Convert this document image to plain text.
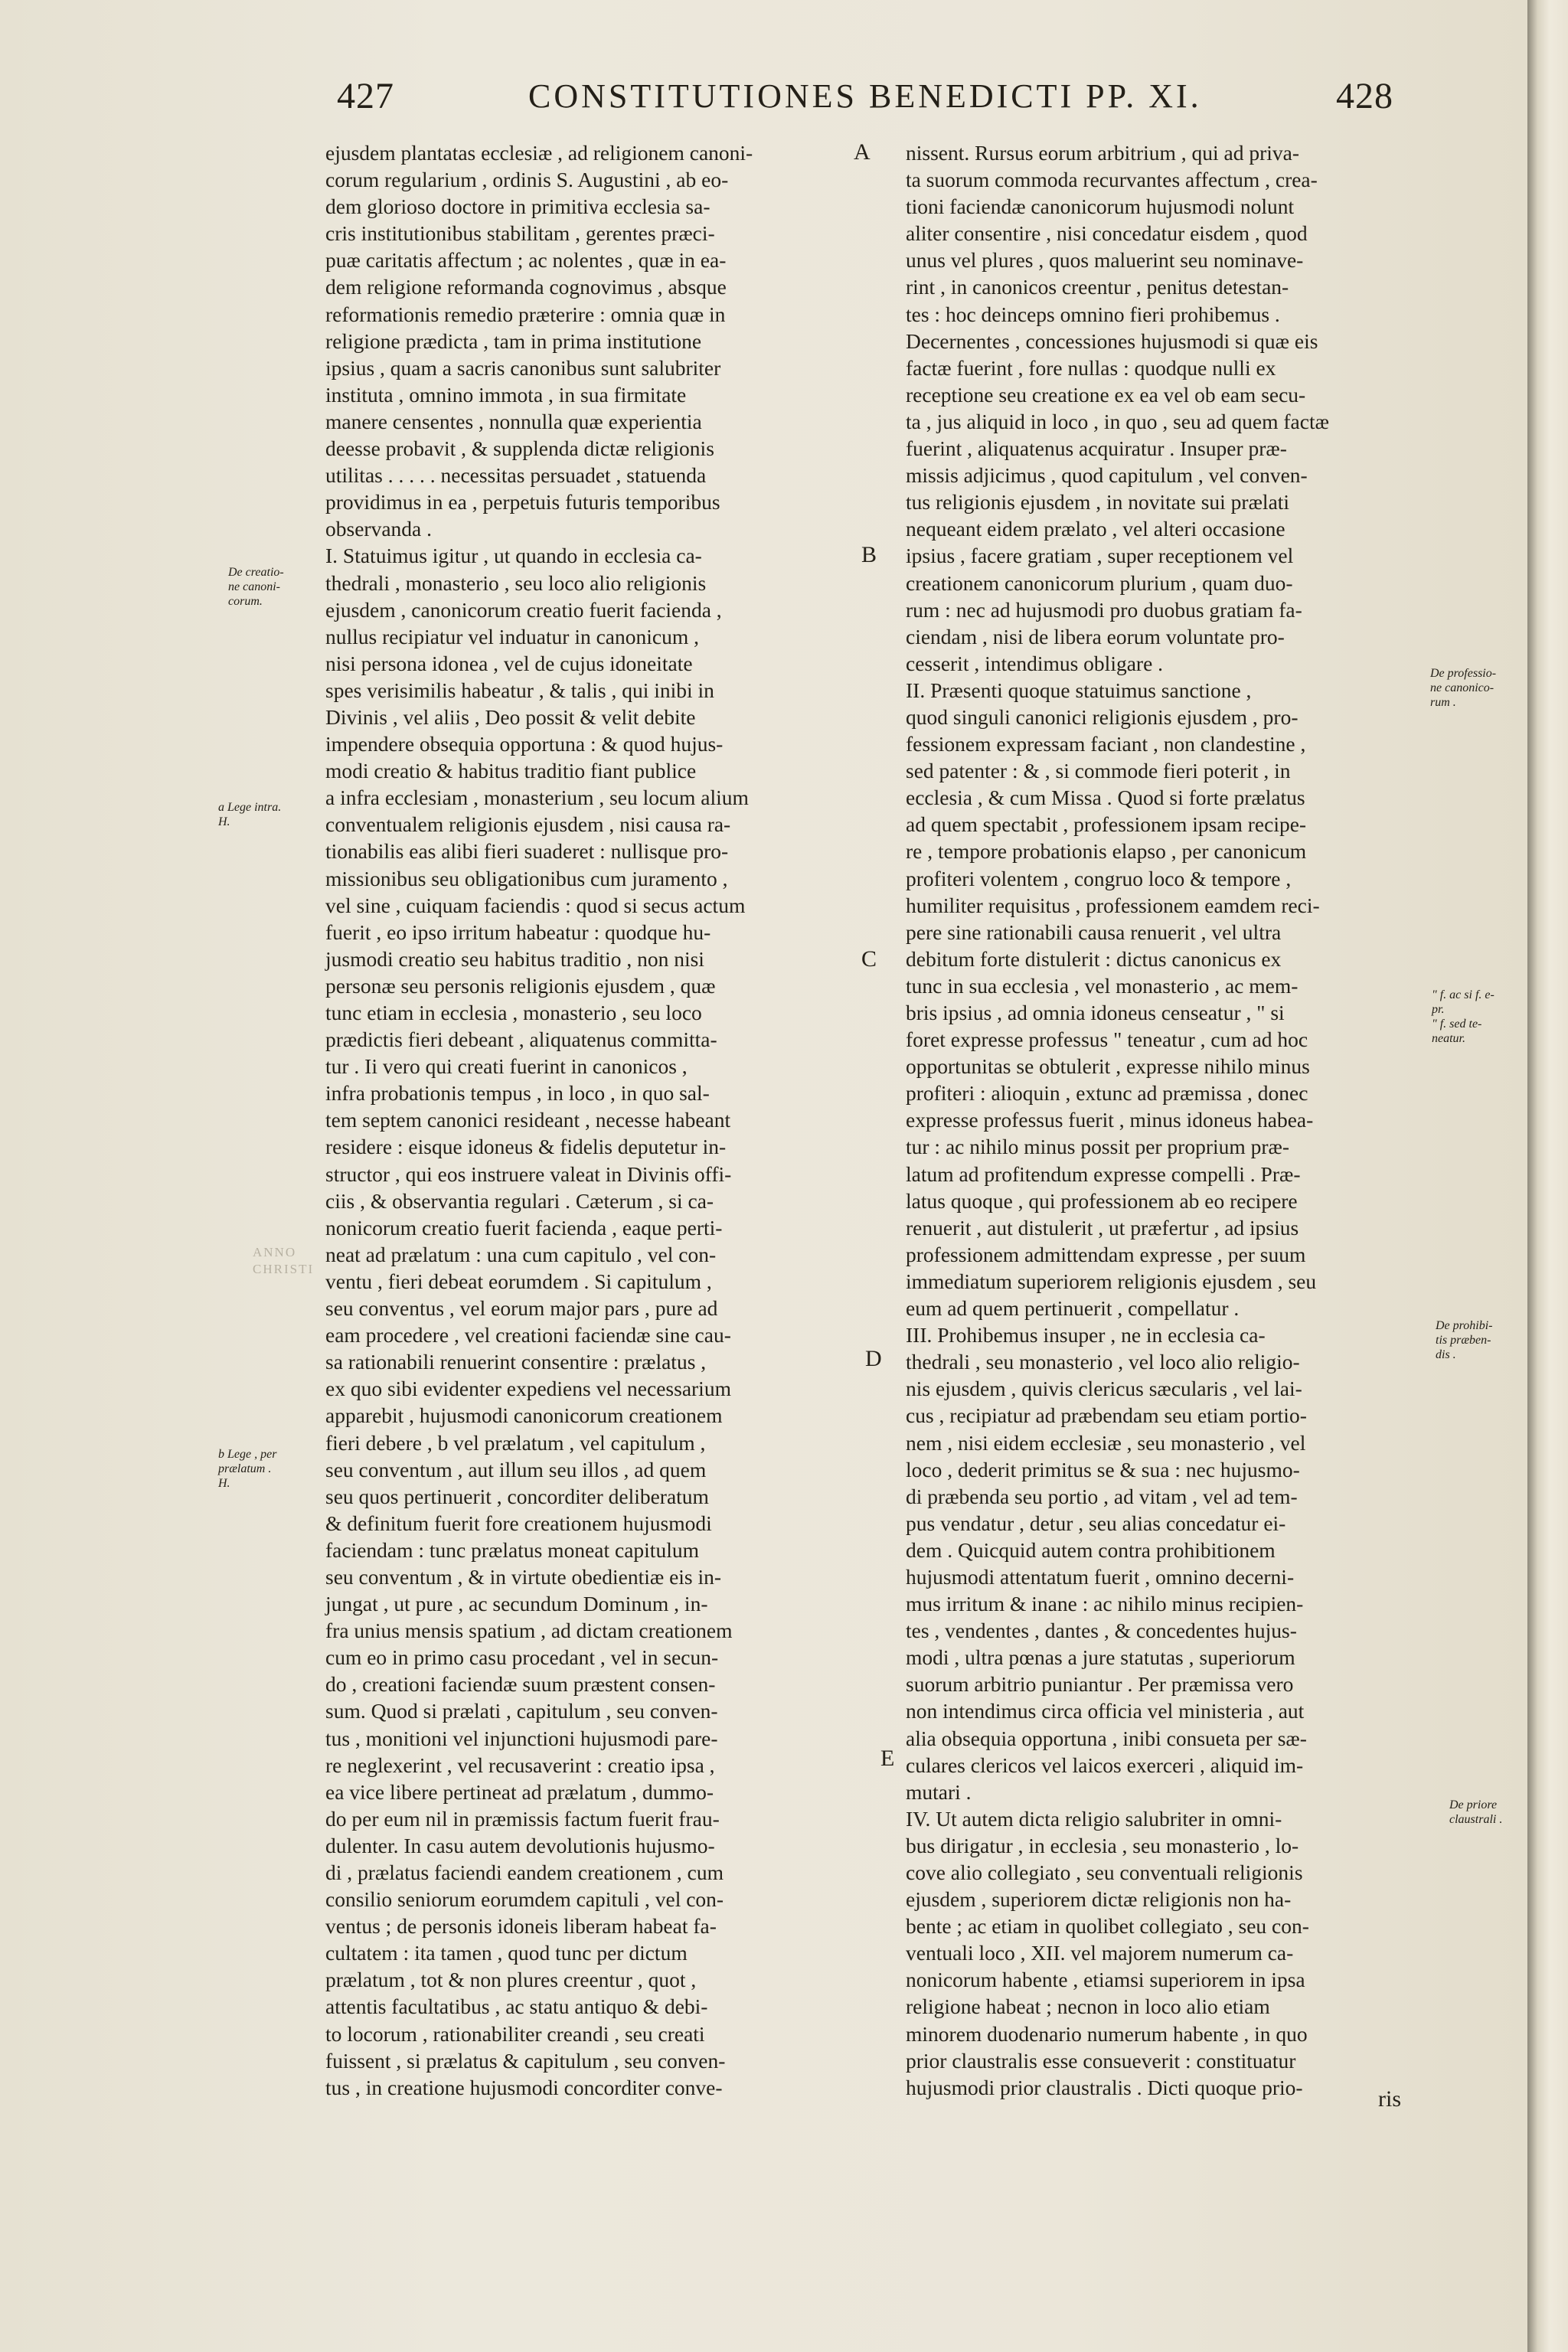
427	CONSTITUTIONES BENEDICTI PP. XI.	428
ejusdem plantatas ecclesiæ , ad religionem canoni-
corum regularium , ordinis S. Augustini , ab eo-
dem glorioso doctore in primitiva ecclesia sa-
cris institutionibus stabilitam , gerentes præci-
puæ caritatis affectum ; ac nolentes , quæ in ea-
dem religione reformanda cognovimus , absque
reformationis remedio præterire : omnia quæ in
religione prædicta , tam in prima institutione
ipsius , quam a sacris canonibus sunt salubriter
instituta , omnino immota , in sua firmitate
manere censentes , nonnulla quæ experientia
deesse probavit , & supplenda dictæ religionis
utilitas . . . . . necessitas persuadet , statuenda
providimus in ea , perpetuis futuris temporibus
observanda .
I. Statuimus igitur , ut quando in ecclesia ca-
thedrali , monasterio , seu loco alio religionis
ejusdem , canonicorum creatio fuerit facienda ,
nullus recipiatur vel induatur in canonicum ,
nisi persona idonea , vel de cujus idoneitate
spes verisimilis habeatur , & talis , qui inibi in
Divinis , vel aliis , Deo possit & velit debite
impendere obsequia opportuna : & quod hujus-
modi creatio & habitus traditio fiant publice
a infra ecclesiam , monasterium , seu locum alium
conventualem religionis ejusdem , nisi causa ra-
tionabilis eas alibi fieri suaderet : nullisque pro-
missionibus seu obligationibus cum juramento ,
vel sine , cuiquam faciendis : quod si secus actum
fuerit , eo ipso irritum habeatur : quodque hu-
jusmodi creatio seu habitus traditio , non nisi
personæ seu personis religionis ejusdem , quæ
tunc etiam in ecclesia , monasterio , seu loco
prædictis fieri debeant , aliquatenus committa-
tur . Ii vero qui creati fuerint in canonicos ,
infra probationis tempus , in loco , in quo sal-
tem septem canonici resideant , necesse habeant
residere : eisque idoneus & fidelis deputetur in-
structor , qui eos instruere valeat in Divinis offi-
ciis , & observantia regulari . Cæterum , si ca-
nonicorum creatio fuerit facienda , eaque perti-
neat ad prælatum : una cum capitulo , vel con-
ventu , fieri debeat eorumdem . Si capitulum ,
seu conventus , vel eorum major pars , pure ad
eam procedere , vel creationi faciendæ sine cau-
sa rationabili renuerint consentire : prælatus ,
ex quo sibi evidenter expediens vel necessarium
apparebit , hujusmodi canonicorum creationem
fieri debere , b vel prælatum , vel capitulum ,
seu conventum , aut illum seu illos , ad quem
seu quos pertinuerit , concorditer deliberatum
& definitum fuerit fore creationem hujusmodi
faciendam : tunc prælatus moneat capitulum
seu conventum , & in virtute obedientiæ eis in-
jungat , ut pure , ac secundum Dominum , in-
fra unius mensis spatium , ad dictam creationem
cum eo in primo casu procedant , vel in secun-
do , creationi faciendæ suum præstent consen-
sum. Quod si prælati , capitulum , seu conven-
tus , monitioni vel injunctioni hujusmodi pare-
re neglexerint , vel recusaverint : creatio ipsa ,
ea vice libere pertineat ad prælatum , dummo-
do per eum nil in præmissis factum fuerit frau-
dulenter. In casu autem devolutionis hujusmo-
di , prælatus faciendi eandem creationem , cum
consilio seniorum eorumdem capituli , vel con-
ventus ; de personis idoneis liberam habeat fa-
cultatem : ita tamen , quod tunc per dictum
prælatum , tot & non plures creentur , quot ,
attentis facultatibus , ac statu antiquo & debi-
to locorum , rationabiliter creandi , seu creati
fuissent , si prælatus & capitulum , seu conven-
tus , in creatione hujusmodi concorditer conve-
nissent. Rursus eorum arbitrium , qui ad priva-
ta suorum commoda recurvantes affectum , crea-
tioni faciendæ canonicorum hujusmodi nolunt
aliter consentire , nisi concedatur eisdem , quod
unus vel plures , quos maluerint seu nominave-
rint , in canonicos creentur , penitus detestan-
tes : hoc deinceps omnino fieri prohibemus .
Decernentes , concessiones hujusmodi si quæ eis
factæ fuerint , fore nullas : quodque nulli ex
receptione seu creatione ex ea vel ob eam secu-
ta , jus aliquid in loco , in quo , seu ad quem factæ
fuerint , aliquatenus acquiratur . Insuper præ-
missis adjicimus , quod capitulum , vel conven-
tus religionis ejusdem , in novitate sui prælati
nequeant eidem prælato , vel alteri occasione
ipsius , facere gratiam , super receptionem vel
creationem canonicorum plurium , quam duo-
rum : nec ad hujusmodi pro duobus gratiam fa-
ciendam , nisi de libera eorum voluntate pro-
cesserit , intendimus obligare .
II. Præsenti quoque statuimus sanctione ,
quod singuli canonici religionis ejusdem , pro-
fessionem expressam faciant , non clandestine ,
sed patenter : & , si commode fieri poterit , in
ecclesia , & cum Missa . Quod si forte prælatus
ad quem spectabit , professionem ipsam recipe-
re , tempore probationis elapso , per canonicum
profiteri volentem , congruo loco & tempore ,
humiliter requisitus , professionem eamdem reci-
pere sine rationabili causa renuerit , vel ultra
debitum forte distulerit : dictus canonicus ex
tunc in sua ecclesia , vel monasterio , ac mem-
bris ipsius , ad omnia idoneus censeatur , " si
foret expresse professus " teneatur , cum ad hoc
opportunitas se obtulerit , expresse nihilo minus
profiteri : alioquin , extunc ad præmissa , donec
expresse professus fuerit , minus idoneus habea-
tur : ac nihilo minus possit per proprium præ-
latum ad profitendum expresse compelli . Præ-
latus quoque , qui professionem ab eo recipere
renuerit , aut distulerit , ut præfertur , ad ipsius
professionem admittendam expresse , per suum
immediatum superiorem religionis ejusdem , seu
eum ad quem pertinuerit , compellatur .
III. Prohibemus insuper , ne in ecclesia ca-
thedrali , seu monasterio , vel loco alio religio-
nis ejusdem , quivis clericus sæcularis , vel lai-
cus , recipiatur ad præbendam seu etiam portio-
nem , nisi eidem ecclesiæ , seu monasterio , vel
loco , dederit primitus se & sua : nec hujusmo-
di præbenda seu portio , ad vitam , vel ad tem-
pus vendatur , detur , seu alias concedatur ei-
dem . Quicquid autem contra prohibitionem
hujusmodi attentatum fuerit , omnino decerni-
mus irritum & inane : ac nihilo minus recipien-
tes , vendentes , dantes , & concedentes hujus-
modi , ultra pœnas a jure statutas , superiorum
suorum arbitrio puniantur . Per præmissa vero
non intendimus circa officia vel ministeria , aut
alia obsequia opportuna , inibi consueta per sæ-
culares clericos vel laicos exerceri , aliquid im-
mutari .
IV. Ut autem dicta religio salubriter in omni-
bus dirigatur , in ecclesia , seu monasterio , lo-
cove alio collegiato , seu conventuali religionis
ejusdem , superiorem dictæ religionis non ha-
bente ; ac etiam in quolibet collegiato , seu con-
ventuali loco , XII. vel majorem numerum ca-
nonicorum habente , etiamsi superiorem in ipsa
religione habeat ; necnon in loco alio etiam
minorem duodenario numerum habente , in quo
prior claustralis esse consueverit : constituatur
hujusmodi prior claustralis . Dicti quoque prio-
De creatio-
ne canoni-
corum.
a Lege intra.
H.
b Lege , per
prælatum .
H.
De professio-
ne canonico-
rum .
" f. ac si f. e-
pr.
" f. sed te-
neatur.
De prohibi-
tis præben-
dis .
De priore
claustrali .
A
B
C
D
E
ANNO
CHRISTI
ris
